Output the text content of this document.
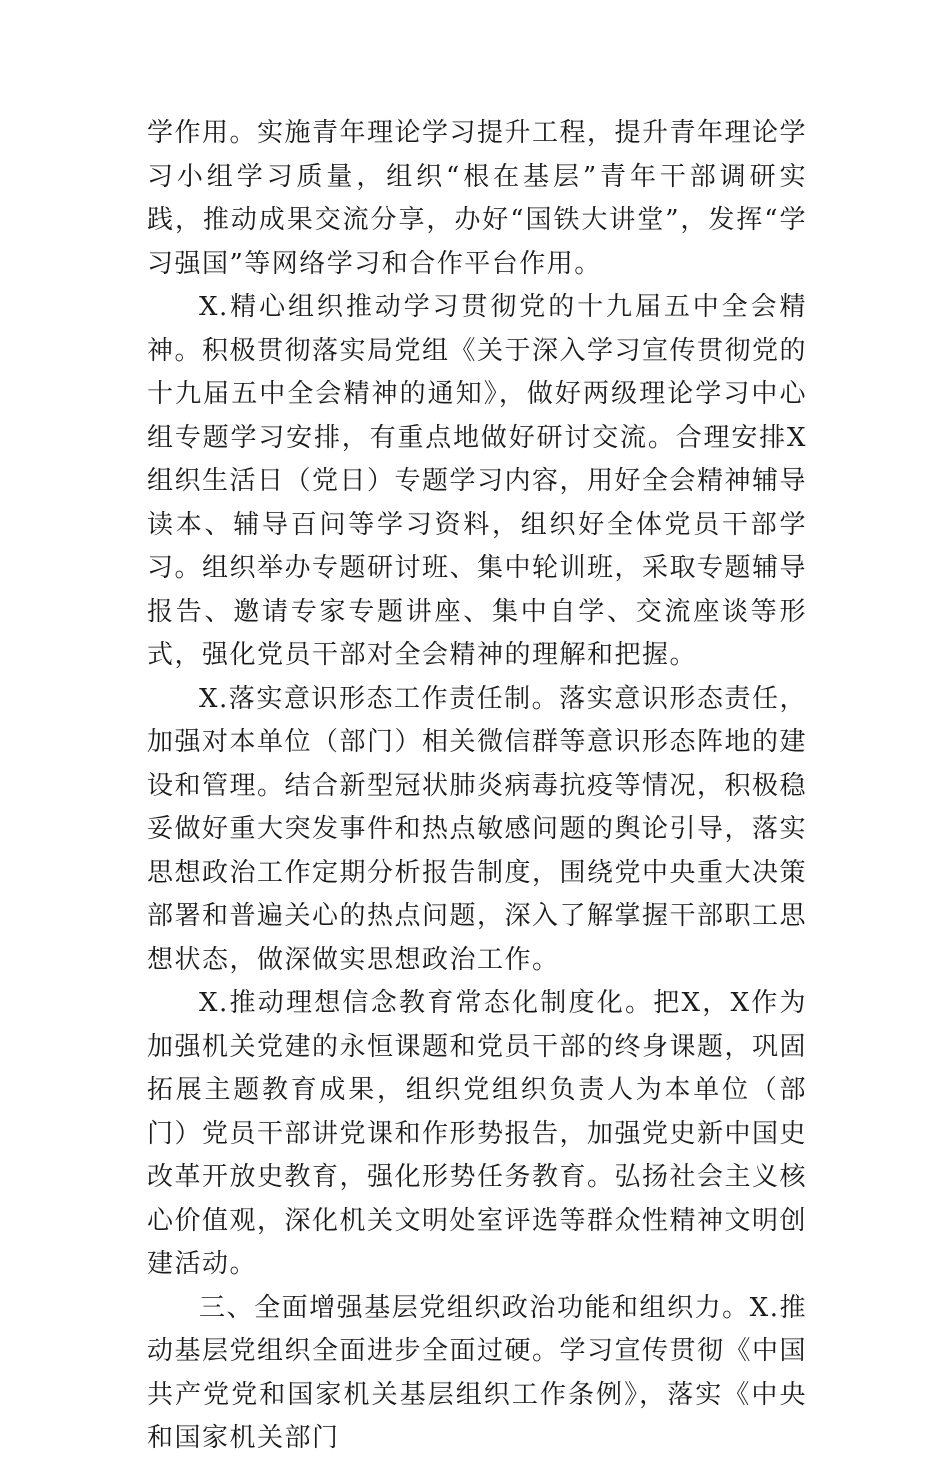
学作用。实施青年理论学习提升工程，提升青年理论学习小组学习质量，组织“根在基层”青年干部调研实践，推动成果交流分享，办好“国铁大讲堂”，发挥“学习强国”等网络学习和合作平台作用。

X.精心组织推动学习贯彻党的十九届五中全会精神。积极贯彻落实局党组《关于深入学习宣传贯彻党的十九届五中全会精神的通知》，做好两级理论学习中心组专题学习安排，有重点地做好研讨交流。合理安排X组织生活日（党日）专题学习内容，用好全会精神辅导读本、辅导百问等学习资料，组织好全体党员干部学习。组织举办专题研讨班、集中轮训班，采取专题辅导报告、邀请专家专题讲座、集中自学、交流座谈等形式，强化党员干部对全会精神的理解和把握。

X.落实意识形态工作责任制。落实意识形态责任，加强对本单位（部门）相关微信群等意识形态阵地的建设和管理。结合新型冠状肺炎病毒抗疫等情况，积极稳妥做好重大突发事件和热点敏感问题的舆论引导，落实思想政治工作定期分析报告制度，围绕党中央重大决策部署和普遍关心的热点问题，深入了解掌握干部职工思想状态，做深做实思想政治工作。

X.推动理想信念教育常态化制度化。把X，X作为加强机关党建的永恒课题和党员干部的终身课题，巩固拓展主题教育成果，组织党组织负责人为本单位（部门）党员干部讲党课和作形势报告，加强党史新中国史改革开放史教育，强化形势任务教育。弘扬社会主义核心价值观，深化机关文明处室评选等群众性精神文明创建活动。

三、全面增强基层党组织政治功能和组织力。X.推动基层党组织全面进步全面过硬。学习宣传贯彻《中国共产党党和国家机关基层组织工作条例》，落实《中央和国家机关部门
